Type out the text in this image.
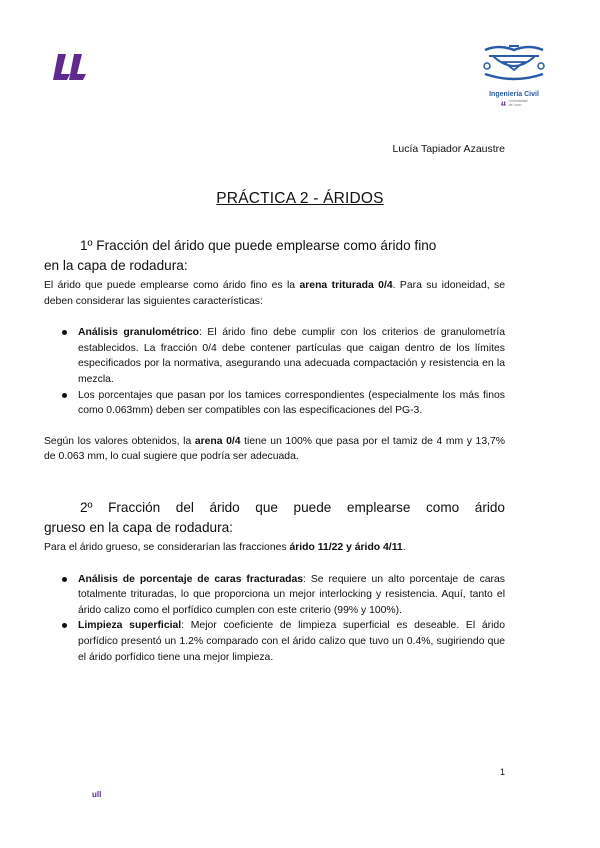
Ingeniería Civil
Universidad
de León
Lucía Tapiador Azaustre
PRÁCTICA 2 - ÁRIDOS
1º Fracción del árido que puede emplearse como árido fino
en la capa de rodadura:

El árido que puede emplearse como árido fino es la arena triturada 0/4. Para su idoneidad, se deben considerar las siguientes características:

Análisis granulométrico: El árido fino debe cumplir con los criterios de granulometría establecidos. La fracción 0/4 debe contener partículas que caigan dentro de los límites especificados por la normativa, asegurando una adecuada compactación y resistencia en la mezcla.
Los porcentajes que pasan por los tamices correspondientes (especialmente los más finos como 0.063mm) deben ser compatibles con las especificaciones del PG-3.

Según los valores obtenidos, la arena 0/4 tiene un 100% que pasa por el tamiz de 4 mm y 13,7% de 0.063 mm, lo cual sugiere que podría ser adecuada.

2º Fracción del árido que puede emplearse como árido
grueso en la capa de rodadura:

Para el árido grueso, se considerarían las fracciones árido 11/22 y árido 4/11.

Análisis de porcentaje de caras fracturadas: Se requiere un alto porcentaje de caras totalmente trituradas, lo que proporciona un mejor interlocking y resistencia. Aquí, tanto el árido calizo como el porfídico cumplen con este criterio (99% y 100%).
Limpieza superficial: Mejor coeficiente de limpieza superficial es deseable. El árido porfídico presentó un 1.2% comparado con el árido calizo que tuvo un 0.4%, sugiriendo que el árido porfídico tiene una mejor limpieza.
1
ull
